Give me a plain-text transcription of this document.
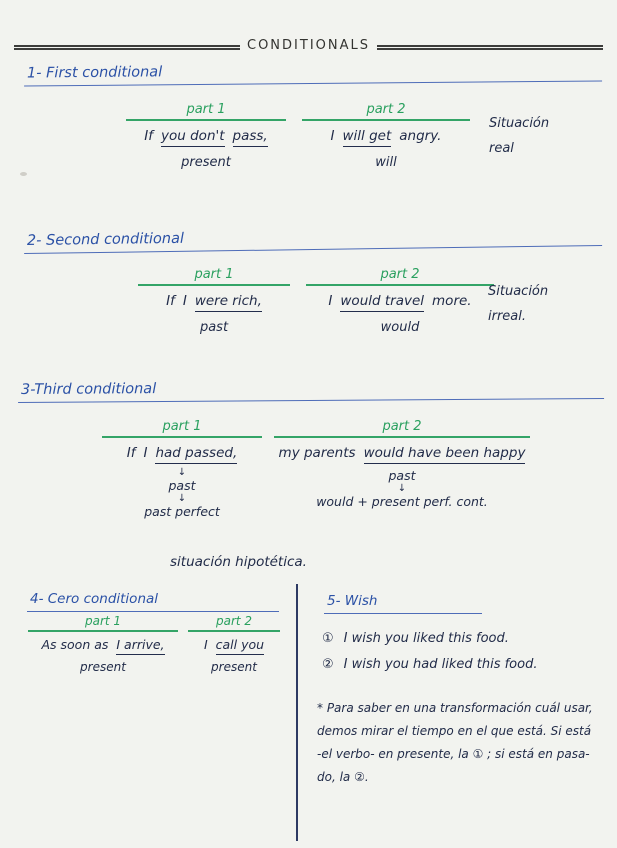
CONDITIONALS
1- First conditional
part 1
If you don't pass,
present
part 2
I will get angry.
will
Situación
real
2- Second conditional
part 1
If I were rich,
past
part 2
I would travel more.
would
Situación
irreal.
3-Third conditional
part 1
If I had passed,
↓
past
↓
past perfect
part 2
my parents would have been happy
past
↓
would + present perf. cont.
situación hipotética.
4- Cero conditional
part 1
As soon as I arrive,
present
part 2
I call you
present
5- Wish
① I wish you liked this food.
② I wish you had liked this food.
* Para saber en una transformación cuál usar,
demos mirar el tiempo en el que está. Si está
-el verbo- en presente, la ① ; si está en pasa-
do, la ②.
